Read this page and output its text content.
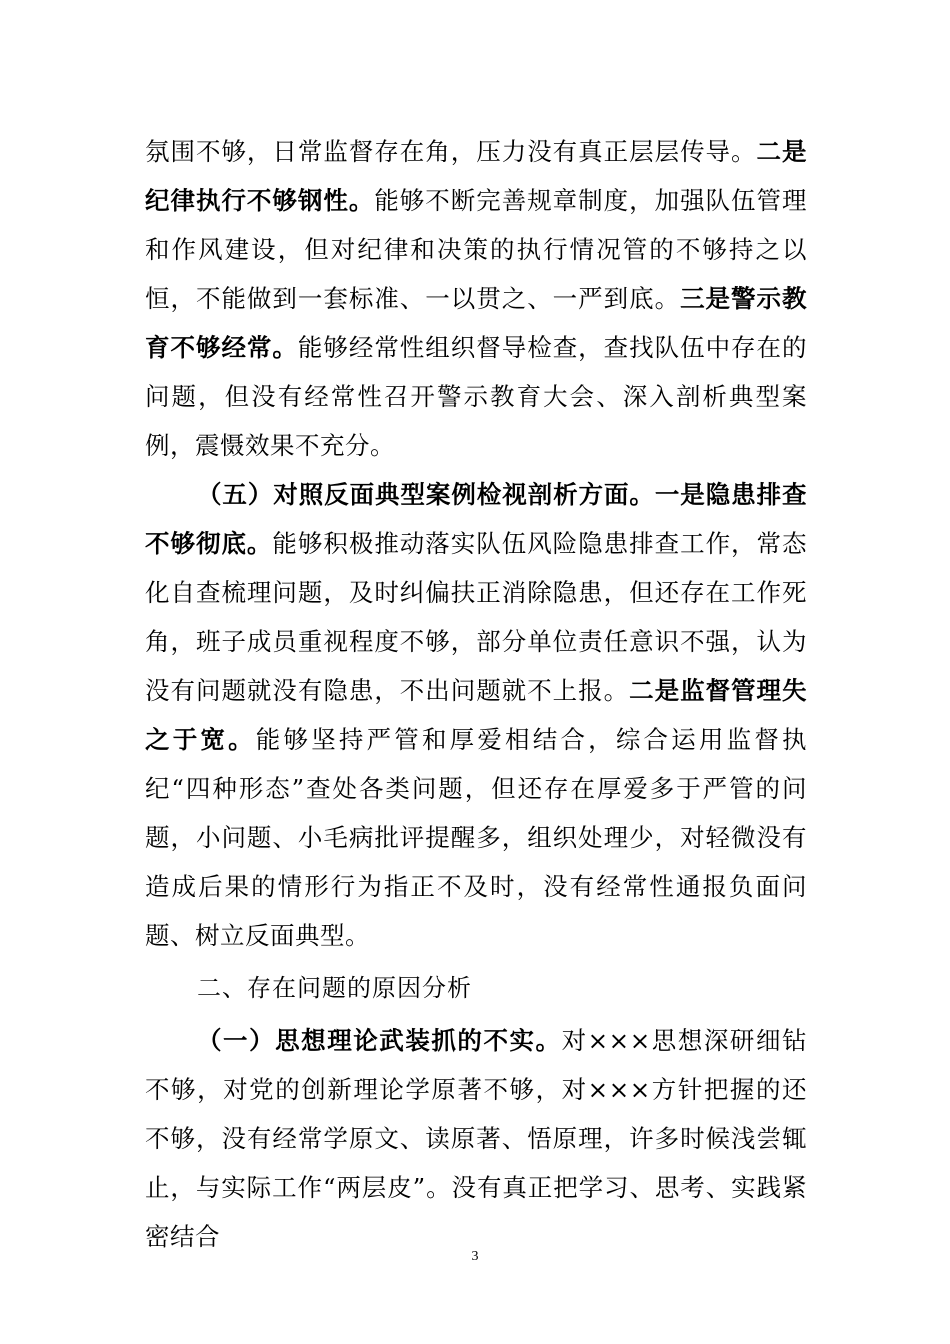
氛围不够，日常监督存在角，压力没有真正层层传导。二是纪律执行不够钢性。能够不断完善规章制度，加强队伍管理和作风建设，但对纪律和决策的执行情况管的不够持之以恒，不能做到一套标准、一以贯之、一严到底。三是警示教育不够经常。能够经常性组织督导检查，查找队伍中存在的问题，但没有经常性召开警示教育大会、深入剖析典型案例，震慑效果不充分。

（五）对照反面典型案例检视剖析方面。一是隐患排查不够彻底。能够积极推动落实队伍风险隐患排查工作，常态化自查梳理问题，及时纠偏扶正消除隐患，但还存在工作死角，班子成员重视程度不够，部分单位责任意识不强，认为没有问题就没有隐患，不出问题就不上报。二是监督管理失之于宽。能够坚持严管和厚爱相结合，综合运用监督执纪“四种形态”查处各类问题，但还存在厚爱多于严管的问题，小问题、小毛病批评提醒多，组织处理少，对轻微没有造成后果的情形行为指正不及时，没有经常性通报负面问题、树立反面典型。

二、存在问题的原因分析

（一）思想理论武装抓的不实。对×××思想深研细钻不够，对党的创新理论学原著不够，对×××方针把握的还不够，没有经常学原文、读原著、悟原理，许多时候浅尝辄止，与实际工作“两层皮”。没有真正把学习、思考、实践紧密结合

3
